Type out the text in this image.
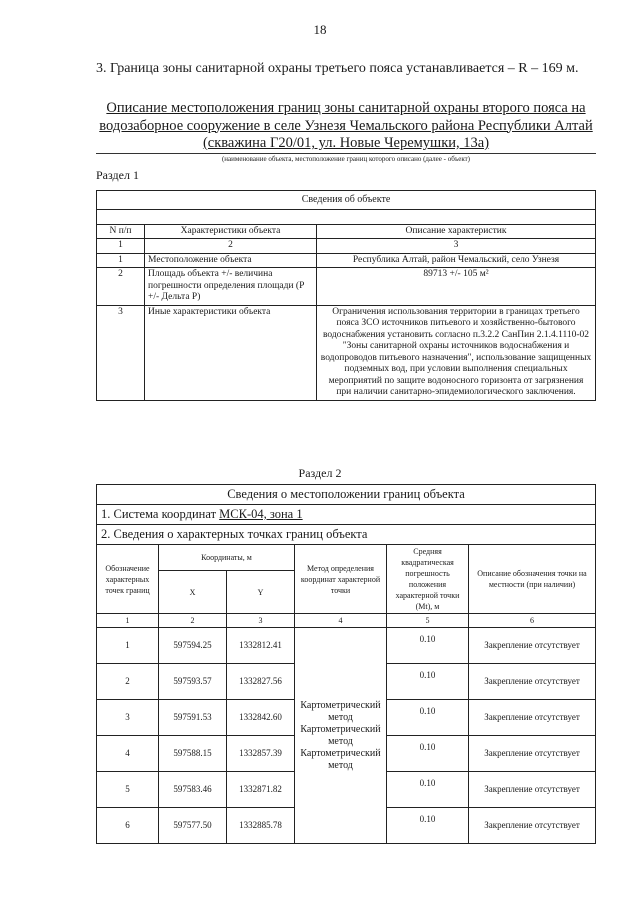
18
3. Граница зоны санитарной охраны третьего пояса устанавливается – R – 169 м.
Описание местоположения границ зоны санитарной охраны второго пояса на водозаборное сооружение в селе Узнезя Чемальского района Республики Алтай (скважина Г20/01, ул. Новые Черемушки, 13а)
(наименование объекта, местоположение границ которого описано (далее - объект)
Раздел 1
Сведения об объекте		

N п/п	Характеристики объекта	Описание характеристик
1	2	3
1	Местоположение объекта	Республика Алтай, район Чемальский, село Узнезя
2	Площадь объекта +/- величина погрешности определения площади (Р +/- Дельта Р)	89713 +/- 105 м²
3	Иные характеристики объекта	Ограничения использования территории в границах третьего пояса ЗСО источников питьевого и хозяйственно-бытового водоснабжения установить согласно п.3.2.2 СанПин 2.1.4.1110-02 "Зоны санитарной охраны источников водоснабжения и водопроводов питьевого назначения", использование защищенных подземных вод, при условии выполнения специальных мероприятий по защите водоносного горизонта от загрязнения при наличии санитарно-эпидемиологического заключения.
Раздел 2
Сведения о местоположении границ объекта					
1. Система координат МСК-04, зона 1					
2. Сведения о характерных точках границ объекта					
Обозначение характерных точек границ	Координаты, м		Метод определения координат характерной точки	Средняя квадратическая погрешность положения характерной точки (Mt), м	Описание обозначения точки на местности (при наличии)
	X	Y			
1	2	3	4	5	6
1	597594.25	1332812.41	Картометрический метод Картометрический метод Картометрический метод	0.10	Закрепление отсутствует
2	597593.57	1332827.56		0.10	Закрепление отсутствует
3	597591.53	1332842.60		0.10	Закрепление отсутствует
4	597588.15	1332857.39		0.10	Закрепление отсутствует
5	597583.46	1332871.82		0.10	Закрепление отсутствует
6	597577.50	1332885.78		0.10	Закрепление отсутствует
